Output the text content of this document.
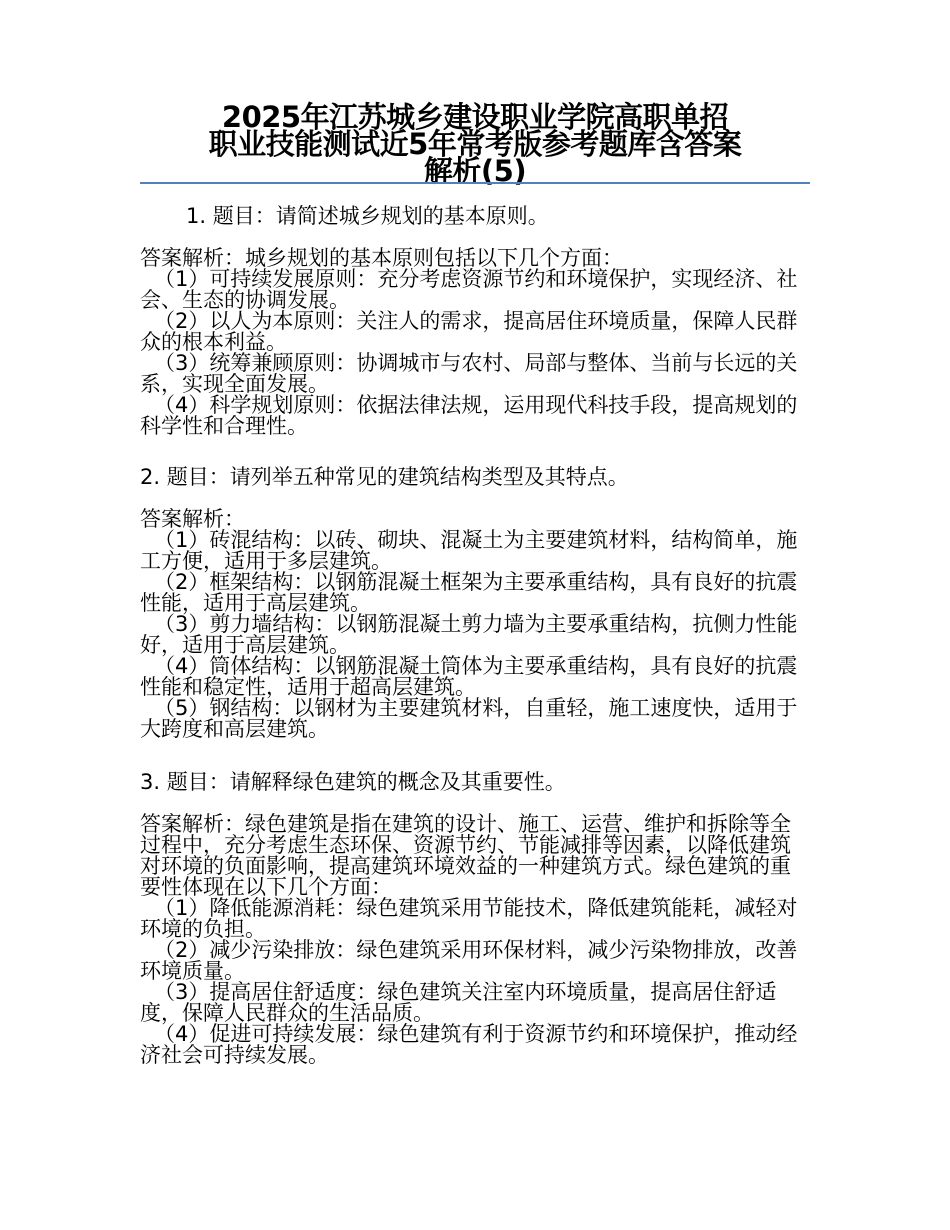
2025年江苏城乡建设职业学院高职单招
职业技能测试近5年常考版参考题库含答案
解析(5)
1. 题目：请简述城乡规划的基本原则。

答案解析：城乡规划的基本原则包括以下几个方面：

（1）可持续发展原则：充分考虑资源节约和环境保护，实现经济、社会、生态的协调发展。

（2）以人为本原则：关注人的需求，提高居住环境质量，保障人民群众的根本利益。

（3）统筹兼顾原则：协调城市与农村、局部与整体、当前与长远的关系，实现全面发展。

（4）科学规划原则：依据法律法规，运用现代科技手段，提高规划的科学性和合理性。

2. 题目：请列举五种常见的建筑结构类型及其特点。

答案解析：

（1）砖混结构：以砖、砌块、混凝土为主要建筑材料，结构简单，施工方便，适用于多层建筑。

（2）框架结构：以钢筋混凝土框架为主要承重结构，具有良好的抗震性能，适用于高层建筑。

（3）剪力墙结构：以钢筋混凝土剪力墙为主要承重结构，抗侧力性能好，适用于高层建筑。

（4）筒体结构：以钢筋混凝土筒体为主要承重结构，具有良好的抗震性能和稳定性，适用于超高层建筑。

（5）钢结构：以钢材为主要建筑材料，自重轻，施工速度快，适用于大跨度和高层建筑。

3. 题目：请解释绿色建筑的概念及其重要性。

答案解析：绿色建筑是指在建筑的设计、施工、运营、维护和拆除等全过程中，充分考虑生态环保、资源节约、节能减排等因素，以降低建筑对环境的负面影响，提高建筑环境效益的一种建筑方式。绿色建筑的重要性体现在以下几个方面：

（1）降低能源消耗：绿色建筑采用节能技术，降低建筑能耗，减轻对环境的负担。

（2）减少污染排放：绿色建筑采用环保材料，减少污染物排放，改善环境质量。

（3）提高居住舒适度：绿色建筑关注室内环境质量，提高居住舒适度，保障人民群众的生活品质。

（4）促进可持续发展：绿色建筑有利于资源节约和环境保护，推动经济社会可持续发展。
